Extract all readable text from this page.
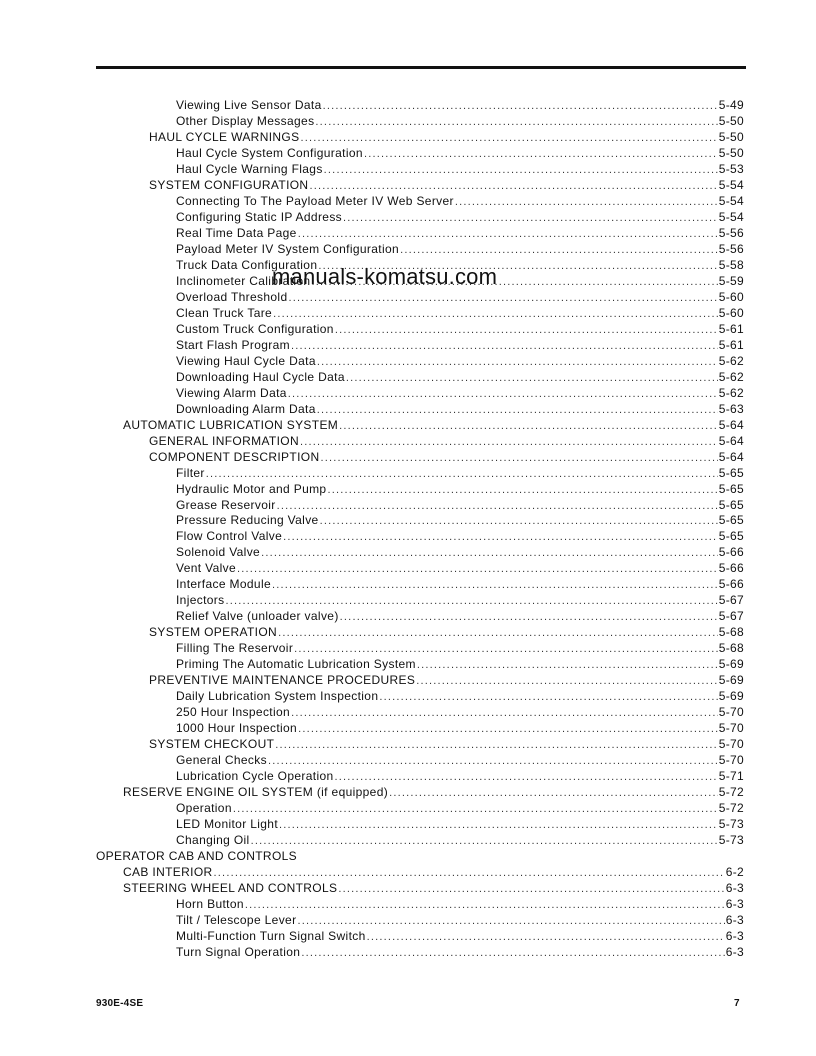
Viewing Live Sensor Data .....	5-49
Other Display Messages .....	5-50
HAUL CYCLE WARNINGS .....	5-50
Haul Cycle System Configuration .....	5-50
Haul Cycle Warning Flags .....	5-53
SYSTEM CONFIGURATION .....	5-54
Connecting To The Payload Meter IV Web Server .....	5-54
Configuring Static IP Address .....	5-54
Real Time Data Page .....	5-56
Payload Meter IV System Configuration .....	5-56
Truck Data Configuration .....	5-58
Inclinometer Calibration .....	5-59
Overload Threshold .....	5-60
Clean Truck Tare .....	5-60
Custom Truck Configuration .....	5-61
Start Flash Program .....	5-61
Viewing Haul Cycle Data .....	5-62
Downloading Haul Cycle Data .....	5-62
Viewing Alarm Data .....	5-62
Downloading Alarm Data .....	5-63
AUTOMATIC LUBRICATION SYSTEM .....	5-64
GENERAL INFORMATION .....	5-64
COMPONENT DESCRIPTION .....	5-64
Filter .....	5-65
Hydraulic Motor and Pump .....	5-65
Grease Reservoir .....	5-65
Pressure Reducing Valve .....	5-65
Flow Control Valve .....	5-65
Solenoid Valve .....	5-66
Vent Valve .....	5-66
Interface Module .....	5-66
Injectors .....	5-67
Relief Valve (unloader valve) .....	5-67
SYSTEM OPERATION .....	5-68
Filling The Reservoir .....	5-68
Priming The Automatic Lubrication System .....	5-69
PREVENTIVE MAINTENANCE PROCEDURES .....	5-69
Daily Lubrication System Inspection .....	5-69
250 Hour Inspection .....	5-70
1000 Hour Inspection .....	5-70
SYSTEM CHECKOUT .....	5-70
General Checks .....	5-70
Lubrication Cycle Operation .....	5-71
RESERVE ENGINE OIL SYSTEM (if equipped) .....	5-72
Operation .....	5-72
LED Monitor Light .....	5-73
Changing Oil .....	5-73
OPERATOR CAB AND CONTROLS
CAB INTERIOR .....	6-2
STEERING WHEEL AND CONTROLS .....	6-3
Horn Button .....	6-3
Tilt / Telescope Lever .....	6-3
Multi-Function Turn Signal Switch .....	6-3
Turn Signal Operation .....	6-3
manuals-komatsu.com
930E-4SE	7
